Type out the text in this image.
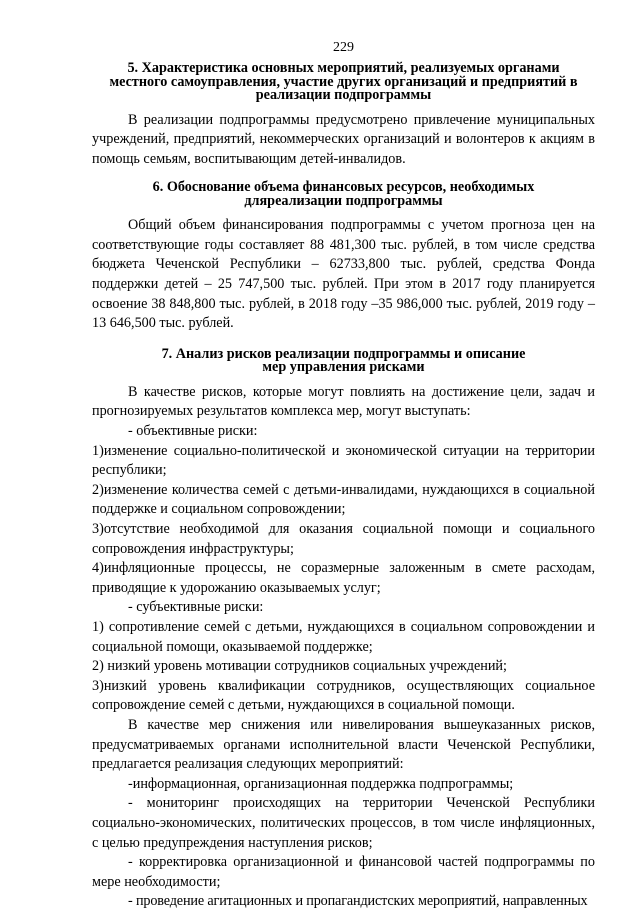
229
5. Характеристика основных мероприятий, реализуемых органами
местного самоуправления, участие других организаций и предприятий в
реализации подпрограммы

В реализации подпрограммы предусмотрено привлечение муниципальных учреждений, предприятий, некоммерческих организаций и волонтеров к акциям в помощь семьям, воспитывающим детей-инвалидов.

6. Обоснование объема финансовых ресурсов, необходимых
дляреализации подпрограммы

Общий объем финансирования подпрограммы с учетом прогноза цен на соответствующие годы составляет 88 481,300 тыс. рублей, в том числе средства бюджета Чеченской Республики – 62733,800 тыс. рублей, средства Фонда поддержки детей – 25 747,500 тыс. рублей. При этом в 2017 году планируется освоение 38 848,800 тыс. рублей, в 2018 году –35 986,000 тыс. рублей, 2019 году – 13 646,500 тыс. рублей.

7. Анализ рисков реализации подпрограммы и описание
мер управления рисками

В качестве рисков, которые могут повлиять на достижение цели, задач и прогнозируемых результатов комплекса мер, могут выступать:

- объективные риски:

1)изменение социально-политической и экономической ситуации на территории республики;

2)изменение количества семей с детьми-инвалидами, нуждающихся в социальной поддержке и социальном сопровождении;

3)отсутствие необходимой для оказания социальной помощи и социального сопровождения инфраструктуры;

4)инфляционные процессы, не соразмерные заложенным в смете расходам, приводящие к удорожанию оказываемых услуг;

- субъективные риски:

1) сопротивление семей с детьми, нуждающихся в социальном сопровождении и социальной помощи, оказываемой поддержке;

2) низкий уровень мотивации сотрудников социальных учреждений;

3)низкий уровень квалификации сотрудников, осуществляющих социальное сопровождение семей с детьми, нуждающихся в социальной помощи.

В качестве мер снижения или нивелирования вышеуказанных рисков, предусматриваемых органами исполнительной власти Чеченской Республики, предлагается реализация следующих мероприятий:

-информационная, организационная поддержка подпрограммы;

- мониторинг происходящих на территории Чеченской Республики социально-экономических, политических процессов, в том числе инфляционных, с целью предупреждения наступления рисков;

- корректировка организационной и финансовой частей подпрограммы по мере необходимости;

- проведение агитационных и пропагандистских мероприятий, направленных
